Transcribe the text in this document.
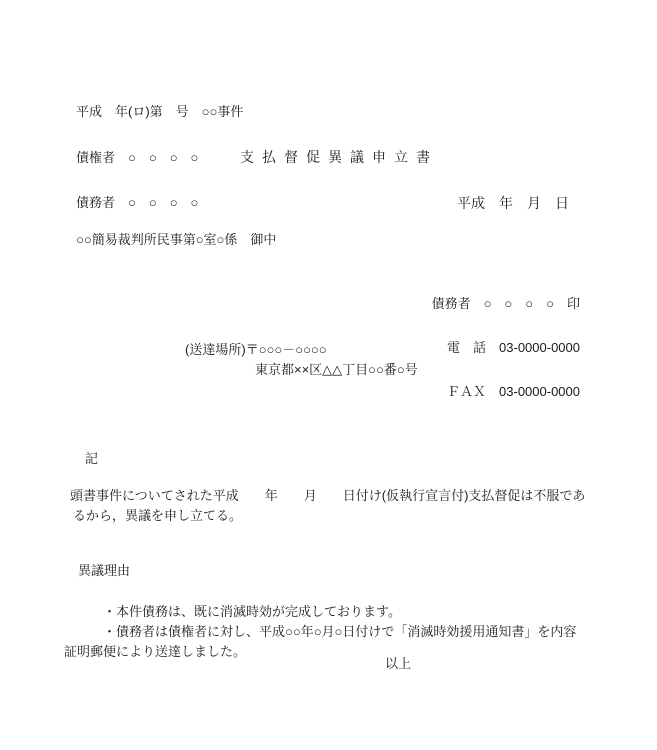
平成　年(ロ)第　号　○○事件

債権者　○　○　○　○

債務者　○　○　○　○

支払督促異議申立書
平成　年　月　日
○○簡易裁判所民事第○室○係　御中

債務者　○　○　○　○　印

電　話　03-0000-0000

ＦＡＸ　03-0000-0000

(送達場所)〒○○○－○○○○
東京都××区△△丁目○○番○号
記
頭書事件についてされた平成　　年　　月　　日付け(仮執行宣言付)支払督促は不服であ
るから，異議を申し立てる。
異議理由
・本件債務は、既に消滅時効が完成しております。
・債務者は債権者に対し、平成○○年○月○日付けで「消滅時効援用通知書」を内容
証明郵便により送達しました。
以上
